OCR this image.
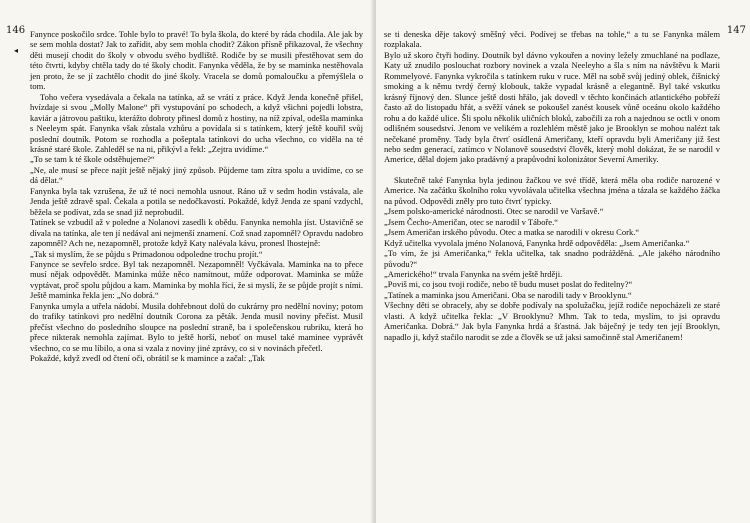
146
◂

Fanynce poskočilo srdce. Tohle bylo to pravé! To byla škola, do které by ráda chodila. Ale jak by se sem mohla dostat? Jak to zařídit, aby sem mohla chodit? Zákon přísně přikazoval, že všechny děti musejí chodit do školy v obvodu svého bydliště. Rodiče by se musili přestěhovat sem do této čtvrti, kdyby chtěla tady do té školy chodit. Fanynka věděla, že by se maminka nestěhovala jen proto, že se jí zachtělo chodit do jiné školy. Vracela se domů pomaloučku a přemýšlela o tom.

Toho večera vysedávala a čekala na tatínka, až se vrátí z práce. Když Jenda konečně přišel, hvízdaje si svou „Molly Malone“ při vystupování po schodech, a když všichni pojedli lobstra, kaviár a játrovou paštiku, kterážto dobroty přinesl domů z hostiny, na níž zpíval, odešla maminka s Neeleym spát. Fanynka však zůstala vzhůru a povídala si s tatínkem, který ještě kouřil svůj poslední doutník. Potom se rozhodla a pošeptala tatínkovi do ucha všechno, co viděla na té krásné staré škole. Zahleděl se na ni, přikývl a řekl: „Zejtra uvidíme.“

„To se tam k té škole odstěhujeme?“

„Ne, ale musí se přece najít ještě nějaký jiný způsob. Půjdeme tam zítra spolu a uvidíme, co se dá dělat.“

Fanynka byla tak vzrušena, že už té noci nemohla usnout. Ráno už v sedm hodin vstávala, ale Jenda ještě zdravě spal. Čekala a potila se nedočkavostí. Pokaždé, když Jenda ze spaní vzdychl, běžela se podívat, zda se snad již neprobudil.

Tatínek se vzbudil až v poledne a Nolanovi zasedli k obědu. Fanynka nemohla jíst. Ustavičně se dívala na tatínka, ale ten jí nedával ani nejmenší znamení. Což snad zapomněl? Opravdu nadobro zapomněl? Ach ne, nezapomněl, protože když Katy nalévala kávu, pronesl lhostejně:

„Tak si myslím, že se půjdu s Primadonou odpoledne trochu projít.“

Fanynce se sevřelo srdce. Byl tak nezapomněl. Nezapomněl! Vyčkávala. Maminka na to přece musí nějak odpovědět. Maminka může něco namítnout, může odporovat. Maminka se může vyptávat, proč spolu půjdou a kam. Maminka by mohla říci, že si myslí, že se půjde projít s ními. Ještě maminka řekla jen: „No dobrá.“

Fanynka umyla a utřela nádobí. Musila dohřebnout dolů do cukrárny pro nedělní noviny; potom do trafiky tatínkovi pro nedělní doutník Corona za pěták. Jenda musil noviny přečíst. Musil přečíst všechno do posledního sloupce na poslední straně, ba i společenskou rubriku, která ho přece nikterak nemohla zajímat. Bylo to ještě horší, neboť on musel také maminee vyprávět všechno, co se mu líbilo, a ona si vzala z noviny jiné zprávy, co si v novinách přečetl.

Pokaždé, když zvedl od čtení oči, obrátil se k mamince a začal: „Tak

147

se ti deneska děje takový směšný věci. Podívej se třebas na tohle,“ a tu se Fanynka málem rozplakala.

Bylo už skoro čtyři hodiny. Doutník byl dávno vykouřen a noviny ležely zmuchlané na podlaze, Katy už znudilo poslouchat rozbory novinek a vzala Neeleyho a šla s ním na návštěvu k Marii Rommelyové. Fanynka vykročila s tatínkem ruku v ruce. Měl na sobě svůj jediný oblek, číšnický smoking a k němu tvrdý černý klobouk, takže vypadal krásně a elegantně. Byl také vskutku krásný říjnový den. Slunce ještě dosti hřálo, jak dovedl v těchto končinách atlantického pobřeží často až do listopadu hřát, a svěží vánek se pokoušel zanést kousek vůně oceánu okolo každého rohu a do každé ulice. Šli spolu několik uličních bloků, zabočili za roh a najednou se octli v onom odlišném sousedství. Jenom ve velikém a rozlehlém městě jako je Brooklyn se mohou nalézt tak nečekané proměny. Tady byla čtvrť osídlená Američany, kteří opravdu byli Američany již šest nebo sedm generací, zatímco v Nolanově sousedství člověk, který mohl dokázat, že se narodil v Americe, dělal dojem jako pradávný a prapůvodní kolonizátor Severní Ameriky.

Skutečně také Fanynka byla jedinou žačkou ve své třídě, která měla oba rodiče narozené v Americe. Na začátku školního roku vyvolávala učitelka všechna jména a tázala se každého žáčka na původ. Odpovědi zněly pro tuto čtvrť typicky.

„Jsem polsko-americké národnosti. Otec se narodil ve Varšavě.“

„Jsem Čecho-Američan, otec se narodil v Táboře.“

„Jsem Američan irského původu. Otec a matka se narodili v okresu Cork.“

Když učitelka vyvolala jméno Nolanová, Fanynka hrdě odpověděla: „Jsem Američanka.“

„To vím, že jsi Američanka,“ řekla učitelka, tak snadno podrážděná. „Ale jakého národního původu?“

„Amerického!“ trvala Fanynka na svém ještě hrději.

„Poviš mi, co jsou tvoji rodiče, nebo tě budu muset poslat do ředitelny?“

„Tatínek a maminka jsou Američani. Oba se narodili tady v Brooklynu.“

Všechny děti se obracely, aby se dobře podívaly na spolužačku, jejíž rodiče nepocházeli ze staré vlasti. A když učitelka řekla: „V Brooklynu? Mhm. Tak to teda, myslím, to jsi opravdu Američanka. Dobrá.“ Jak byla Fanynka hrdá a šťastná. Jak báječný je tedy ten její Brooklyn, napadlo ji, když stačilo narodit se zde a člověk se už jaksi samočinně stal Američanem!
